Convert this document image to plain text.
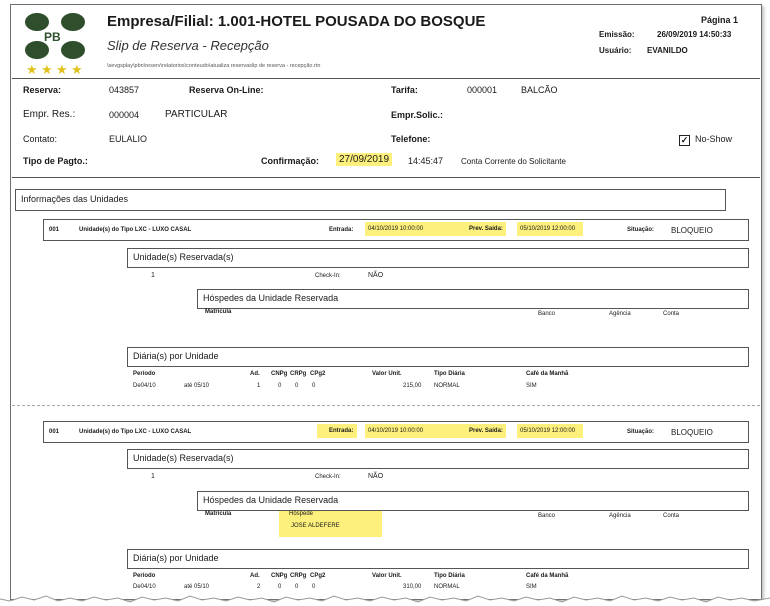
PB
★ ★ ★ ★
Empresa/Filial: 1.001-HOTEL POUSADA DO BOSQUE
Slip de Reserva - Recepção
\sevgsplay\pbn\reserv\relatorios\conteudo\atualiza reservaslip de reserva - recepção.rtn
Página 1
Emissão:	26/09/2019 14:50:33
Usuário: EVANILDO
Reserva:	043857	Reserva On-Line:	Tarifa:	000001	BALCÃO
Empr. Res.:	000004	PARTICULAR	Empr.Solic.:
Contato:	EULALIO	Telefone:	✓ No-Show
Tipo de Pagto.:	Confirmação:	27/09/2019	14:45:47 Conta Corrente do Solicitante
Informações das Unidades
001	Unidade(s) do Tipo LXC - LUXO CASAL	Entrada:	04/10/2019 10:00:00	Prev. Saída:	05/10/2019 12:00:00	Situação: BLOQUEIO
Unidade(s) Reservada(s)
1	Check-In:	NÃO
Hóspedes da Unidade Reservada
Matrícula	Banco	Agência	Conta
Diária(s) por Unidade
Período	Ad. CNPg CRPg CPg2	Valor Unit.	Tipo Diária	Café da Manhã
De04/10	até 05/10	1	0 0 0	215,00 NORMAL	SIM
001	Unidade(s) do Tipo LXC - LUXO CASAL	Entrada:	04/10/2019 10:00:00	Prev. Saída:	05/10/2019 12:00:00	Situação: BLOQUEIO
Unidade(s) Reservada(s)
1	Check-In:	NÃO
Hóspedes da Unidade Reservada
Matrícula	Hóspede
JOSE ALDEFERE
Banco	Agência	Conta
Diária(s) por Unidade
Período	Ad. CNPg CRPg CPg2	Valor Unit.	Tipo Diária	Café da Manhã
De04/10	até 05/10	2	0 0 0	310,00 NORMAL	SIM
